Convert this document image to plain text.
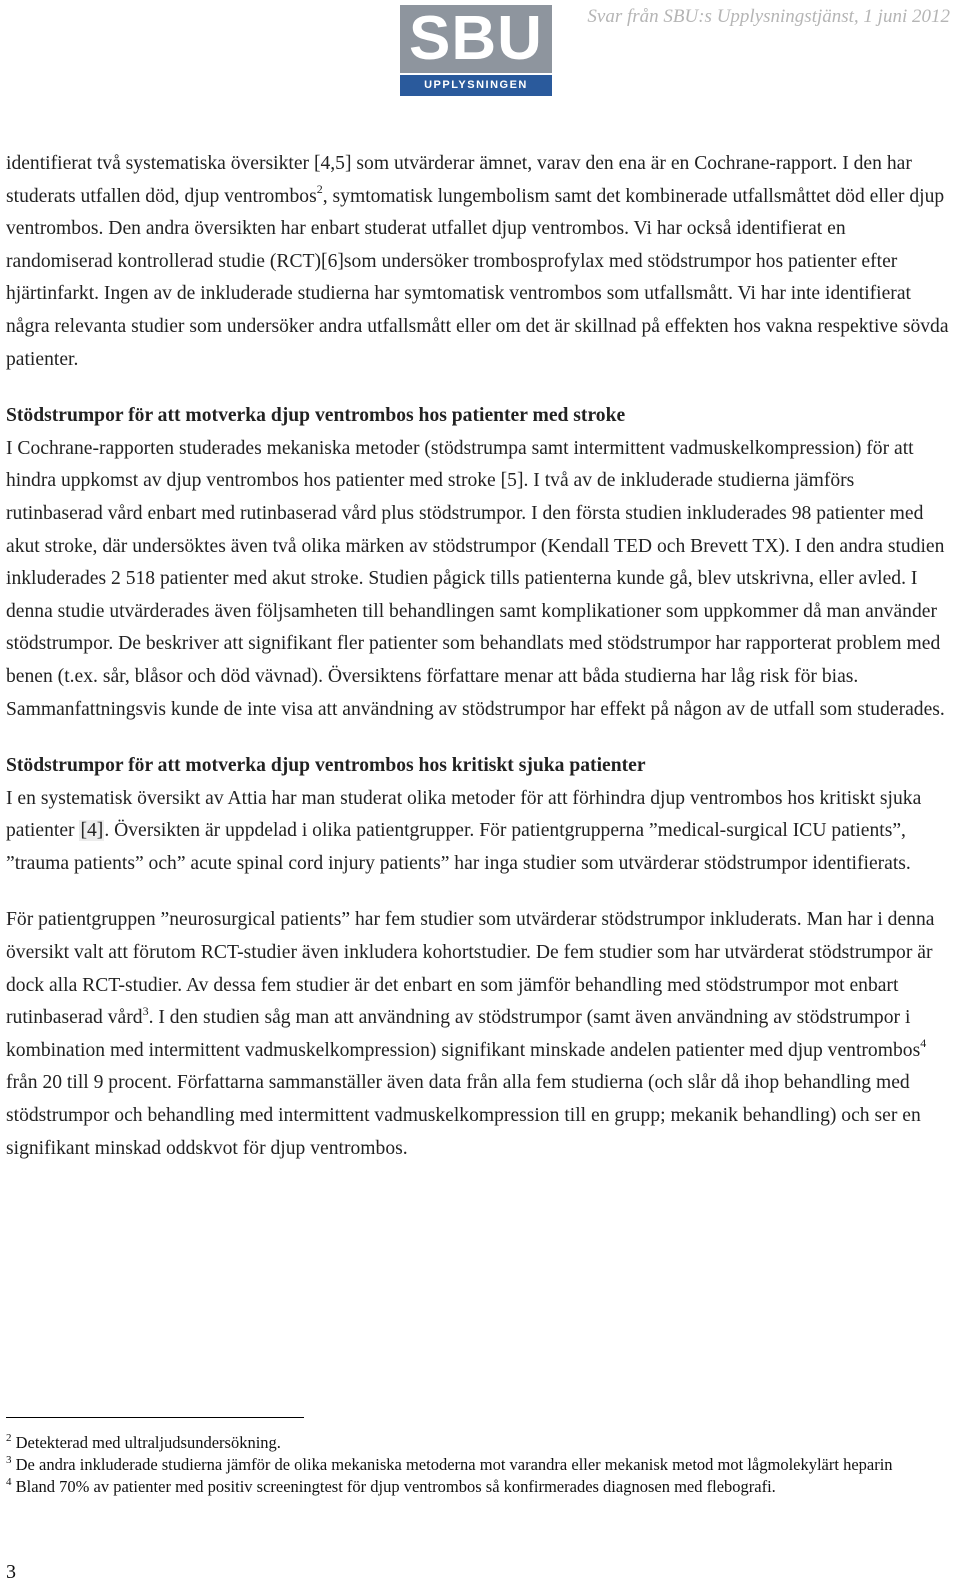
SBU
UPPLYSNINGEN
Svar från SBU:s Upplysningstjänst, 1 juni 2012

identifierat två systematiska översikter [4,5] som utvärderar ämnet, varav den ena är en Cochrane-rapport. I den har studerats utfallen död, djup ventrombos$^2$, symtomatisk lungembolism samt det kombinerade utfallsmåttet död eller djup ventrombos. Den andra översikten har enbart studerat utfallet djup ventrombos. Vi har också identifierat en randomiserad kontrollerad studie (RCT)[6]som undersöker trombosprofylax med stödstrumpor hos patienter efter hjärtinfarkt. Ingen av de inkluderade studierna har symtomatisk ventrombos som utfallsmått. Vi har inte identifierat några relevanta studier som undersöker andra utfallsmått eller om det är skillnad på effekten hos vakna respektive sövda patienter.

Stödstrumpor för att motverka djup ventrombos hos patienter med stroke

I Cochrane-rapporten studerades mekaniska metoder (stödstrumpa samt intermittent vadmuskelkompression) för att hindra uppkomst av djup ventrombos hos patienter med stroke [5]. I två av de inkluderade studierna jämförs rutinbaserad vård enbart med rutinbaserad vård plus stödstrumpor. I den första studien inkluderades 98 patienter med akut stroke, där undersöktes även två olika märken av stödstrumpor (Kendall TED och Brevett TX). I den andra studien inkluderades 2 518 patienter med akut stroke. Studien pågick tills patienterna kunde gå, blev utskrivna, eller avled. I denna studie utvärderades även följsamheten till behandlingen samt komplikationer som uppkommer då man använder stödstrumpor. De beskriver att signifikant fler patienter som behandlats med stödstrumpor har rapporterat problem med benen (t.ex. sår, blåsor och död vävnad). Översiktens författare menar att båda studierna har låg risk för bias. Sammanfattningsvis kunde de inte visa att användning av stödstrumpor har effekt på någon av de utfall som studerades.

Stödstrumpor för att motverka djup ventrombos hos kritiskt sjuka patienter

I en systematisk översikt av Attia har man studerat olika metoder för att förhindra djup ventrombos hos kritiskt sjuka patienter [4]. Översikten är uppdelad i olika patientgrupper. För patientgrupperna ”medical-surgical ICU patients”, ”trauma patients” och” acute spinal cord injury patients” har inga studier som utvärderar stödstrumpor identifierats.

För patientgruppen ”neurosurgical patients” har fem studier som utvärderar stödstrumpor inkluderats. Man har i denna översikt valt att förutom RCT-studier även inkludera kohortstudier. De fem studier som har utvärderat stödstrumpor är dock alla RCT-studier. Av dessa fem studier är det enbart en som jämför behandling med stödstrumpor mot enbart rutinbaserad vård$^3$. I den studien såg man att användning av stödstrumpor (samt även användning av stödstrumpor i kombination med intermittent vadmuskelkompression) signifikant minskade andelen patienter med djup ventrombos$^4$ från 20 till 9 procent. Författarna sammanställer även data från alla fem studierna (och slår då ihop behandling med stödstrumpor och behandling med intermittent vadmuskelkompression till en grupp; mekanik behandling) och ser en signifikant minskad oddskvot för djup ventrombos.

$^2$ Detekterad med ultraljudsundersökning.
$^3$ De andra inkluderade studierna jämför de olika mekaniska metoderna mot varandra eller mekanisk metod mot lågmolekylärt heparin
$^4$ Bland 70% av patienter med positiv screeningtest för djup ventrombos så konfirmerades diagnosen med flebografi.
3
